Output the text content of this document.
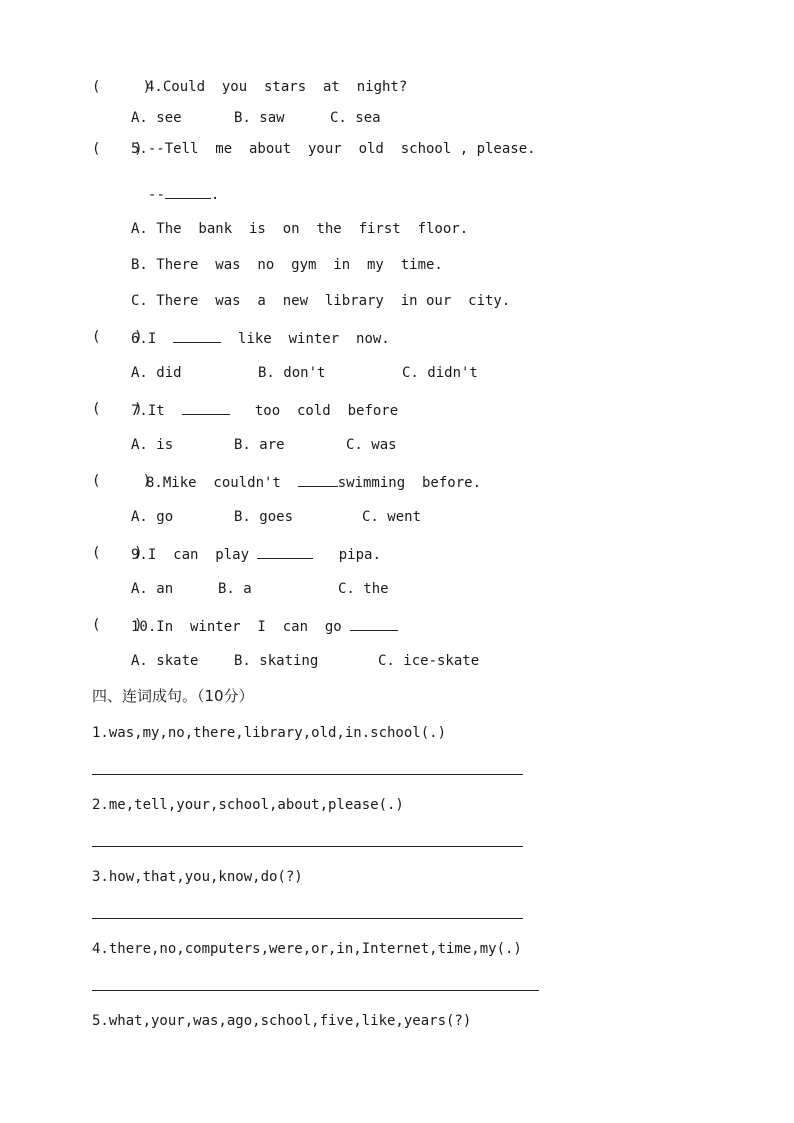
(     )
4.Could  you  stars  at  night?
A. see	B. saw	C. sea
(    )
5.--Tell  me  about  your  old  school , please.
--	.
A. The  bank  is  on  the  first  floor.
B. There  was  no  gym  in  my  time.
C. There  was  a  new  library  in our  city.
(    )
6.I	like  winter  now.
A. did	B. don't	C. didn't
(    )
7.It	too  cold  before
A. is	B. are	C. was
(     )
8.Mike  couldn't	swimming  before.
A. go	B. goes	C. went
(    )
9.I  can  play	pipa.
A. an	B. a	C. the
(    )
10.In  winter  I  can  go
A. skate	B. skating	C. ice-skate
四、连词成句。（10分）
1.was,my,no,there,library,old,in.school(.)
2.me,tell,your,school,about,please(.)
3.how,that,you,know,do(?)
4.there,no,computers,were,or,in,Internet,time,my(.)
5.what,your,was,ago,school,five,like,years(?)
